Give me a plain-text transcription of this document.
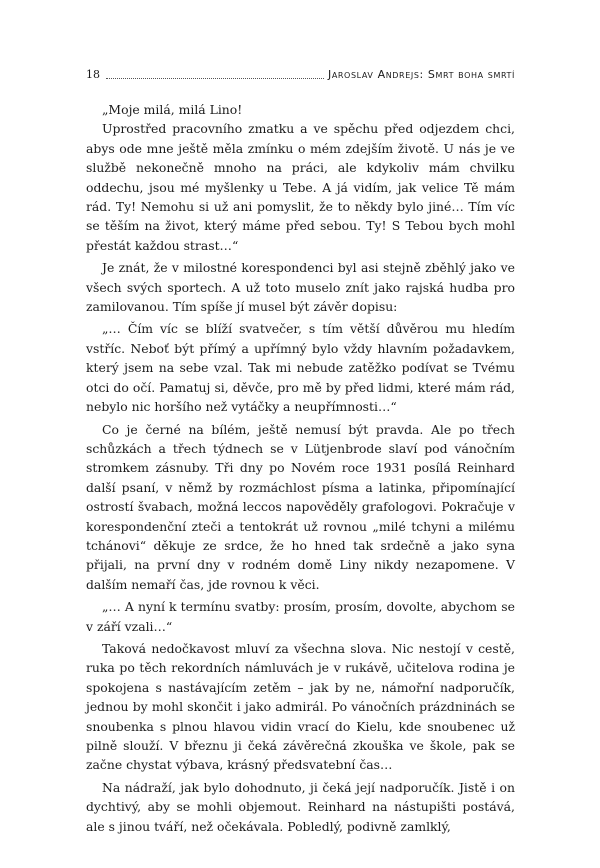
18	Jaroslav Andrejs: Smrt boha smrtí

„Moje milá, milá Lino!

Uprostřed pracovního zmatku a ve spěchu před odjezdem chci, abys ode mne ještě měla zmínku o mém zdejším životě. U nás je ve službě nekonečně mnoho na práci, ale kdykoliv mám chvilku oddechu, jsou mé myšlenky u Tebe. A já vidím, jak velice Tě mám rád. Ty! Nemohu si už ani pomyslit, že to někdy bylo jiné… Tím víc se těším na život, který máme před sebou. Ty! S Tebou bych mohl přestát každou strast…“

Je znát, že v milostné korespondenci byl asi stejně zběhlý jako ve všech svých sportech. A už toto muselo znít jako rajská hudba pro zamilovanou. Tím spíše jí musel být závěr dopisu:

„… Čím víc se blíží svatvečer, s tím větší důvěrou mu hledím vstříc. Neboť být přímý a upřímný bylo vždy hlavním požadavkem, který jsem na sebe vzal. Tak mi nebude zatěžko podívat se Tvému otci do očí. Pamatuj si, děvče, pro mě by před lidmi, které mám rád, nebylo nic horšího než vytáčky a neupřímnosti…“

Co je černé na bílém, ještě nemusí být pravda. Ale po třech schůzkách a třech týdnech se v Lütjenbrode slaví pod vánočním stromkem zásnuby. Tři dny po Novém roce 1931 posílá Reinhard další psaní, v němž by rozmáchlost písma a latinka, připomínající ostrostí švabach, možná leccos napověděly grafologovi. Pokračuje v korespondenční zteči a tentokrát už rovnou „milé tchyni a milému tchánovi“ děkuje ze srdce, že ho hned tak srdečně a jako syna přijali, na první dny v rodném domě Liny nikdy nezapomene. V dalším nemaří čas, jde rovnou k věci.

„… A nyní k termínu svatby: prosím, prosím, dovolte, abychom se v září vzali…“

Taková nedočkavost mluví za všechna slova. Nic nestojí v cestě, ruka po těch rekordních námluvách je v rukávě, učitelova rodina je spokojena s nastávajícím zetěm – jak by ne, námořní nadporučík, jednou by mohl skončit i jako admirál. Po vánočních prázdninách se snoubenka s plnou hlavou vidin vrací do Kielu, kde snoubenec už pilně slouží. V březnu ji čeká závěrečná zkouška ve škole, pak se začne chystat výbava, krásný předsvatební čas…

Na nádraží, jak bylo dohodnuto, ji čeká její nadporučík. Jistě i on dychtivý, aby se mohli objemout. Reinhard na nástupišti postává, ale s jinou tváří, než očekávala. Pobledlý, podivně zamlklý,
